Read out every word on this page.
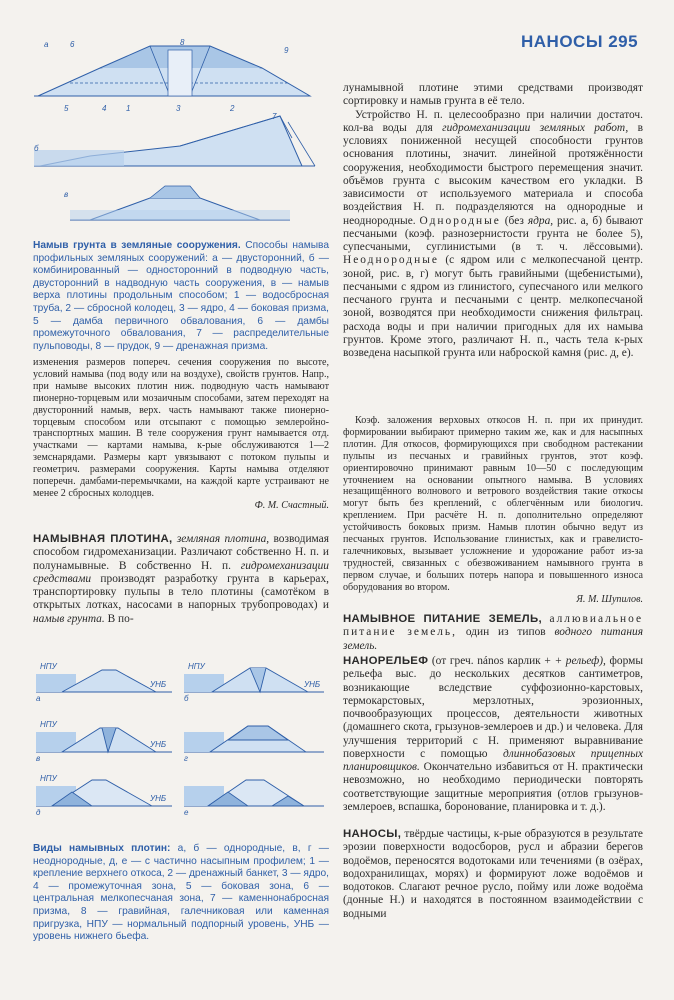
НАНОСЫ 295
а
б
в
6	8
9
5	4	3
7
1	2
Намыв грунта в земляные сооружения. Способы намыва профильных земляных сооружений: а — двусторонний, б — комбинированный — односторонний в подводную часть, двусторонний в надводную часть сооружения, в — намыв верха плотины продольным способом; 1 — водосбросная труба, 2 — сбросной колодец, 3 — ядро, 4 — боковая призма, 5 — дамба первичного обвалования, 6 — дамбы промежуточного обвалования, 7 — распределительные пульповоды, 8 — прудок, 9 — дренажная призма.

изменения размеров попереч. сечения сооружения по высоте, условий намыва (под воду или на воздухе), свойств грунтов. Напр., при намыве высоких плотин ниж. подводную часть намывают пионерно-торцевым или мозаичным способами, затем переходят на двусторонний намыв, верх. часть намывают также пионерно-торцевым способом или отсыпают с помощью землеройно-транспортных машин. В теле сооружения грунт намывается отд. участками — картами намыва, к-рые обслуживаются 1—2 земснарядами. Размеры карт увязывают с потоком пульпы и геометрич. размерами сооружения. Карты намыва отделяют поперечн. дамбами-перемычками, на каждой карте устраивают не менее 2 сбросных колодцев.

Ф. М. Счастный.

НАМЫВНАЯ ПЛОТИНА, земляная плотина, возводимая способом гидромеханизации. Различают собственно Н. п. и полунамывные. В собственно Н. п. гидромеханизации средствами производят разработку грунта в карьерах, транспортировку пульпы в тело плотины (самотёком в открытых лотках, насосами в напорных трубопроводах) и намыв грунта. В по-

НПУ
УНБ
НПУ
УНБ
а	б
НПУ
УНБ
в	г
НПУ
УНБ
д	е
Виды намывных плотин: а, б — однородные, в, г — неоднородные, д, е — с частично насыпным профилем; 1 — крепление верхнего откоса, 2 — дренажный банкет, 3 — ядро, 4 — промежуточная зона, 5 — боковая зона, 6 — центральная мелкопесчаная зона, 7 — каменнонабросная призма, 8 — гравийная, галечниковая или каменная пригрузка, НПУ — нормальный подпорный уровень, УНБ — уровень нижнего бьефа.

лунамывной плотине этими средствами производят сортировку и намыв грунта в её тело.

Устройство Н. п. целесообразно при наличии достаточ. кол-ва воды для гидромеханизации земляных работ, в условиях пониженной несущей способности грунтов основания плотины, значит. линейной протяжённости сооружения, необходимости быстрого перемещения значит. объёмов грунта с высоким качеством его укладки. В зависимости от используемого материала и способа воздействия Н. п. подразделяются на однородные и неоднородные. Однородные (без ядра, рис. а, б) бывают песчаными (коэф. разнозернистости грунта не более 5), супесчаными, суглинистыми (в т. ч. лёссовыми). Неоднородные (с ядром или с мелкопесчаной центр. зоной, рис. в, г) могут быть гравийными (щебенистыми), песчаными с ядром из глинистого, супесчаного или мелкого песчаного грунта и песчаными с центр. мелкопесчаной зоной, возводятся при необходимости снижения фильтрац. расхода воды и при наличии пригодных для их намыва грунтов. Кроме этого, различают Н. п., часть тела к-рых возведена насыпкой грунта или наброской камня (рис. д, е).

Коэф. заложения верховых откосов Н. п. при их принудит. формировании выбирают примерно таким же, как и для насыпных плотин. Для откосов, формирующихся при свободном растекании пульпы из песчаных и гравийных грунтов, этот коэф. ориентировочно принимают равным 10—50 с последующим уточнением на основании опытного намыва. В условиях незащищённого волнового и ветрового воздействия такие откосы могут быть без креплений, с облегчённым или биологич. креплением. При расчёте Н. п. дополнительно определяют устойчивость боковых призм. Намыв плотин обычно ведут из песчаных грунтов. Использование глинистых, как и гравелисто-галечниковых, вызывает усложнение и удорожание работ из-за трудностей, связанных с обезвоживанием намывного грунта в первом случае, и больших потерь напора и повышенного износа оборудования во втором.

Я. М. Шупилов.

НАМЫВНОЕ ПИТАНИЕ ЗЕМЕЛЬ, аллювиальное питание земель, один из типов водного питания земель.

НАНОРЕЛЬЕФ (от греч. nános карлик + + рельеф), формы рельефа выс. до нескольких десятков сантиметров, возникающие вследствие суффозионно-карстовых, термокарстовых, мерзлотных, эрозионных, почвообразующих процессов, деятельности животных (домашнего скота, грызунов-землероев и др.) и человека. Для улучшения территорий с Н. применяют выравнивание поверхности с помощью длиннобазовых прицепных планировщиков. Окончательно избавиться от Н. практически невозможно, но необходимо периодически повторять соответствующие защитные мероприятия (отлов грызунов-землероев, вспашка, боронование, планировка и т. д.).

НАНОСЫ, твёрдые частицы, к-рые образуются в результате эрозии поверхности водосборов, русл и абразии берегов водоёмов, переносятся водотоками или течениями (в озёрах, водохранилищах, морях) и формируют ложе водоёмов и водотоков. Слагают речное русло, пойму или ложе водоёма (донные Н.) и находятся в постоянном взаимодействии с водными
